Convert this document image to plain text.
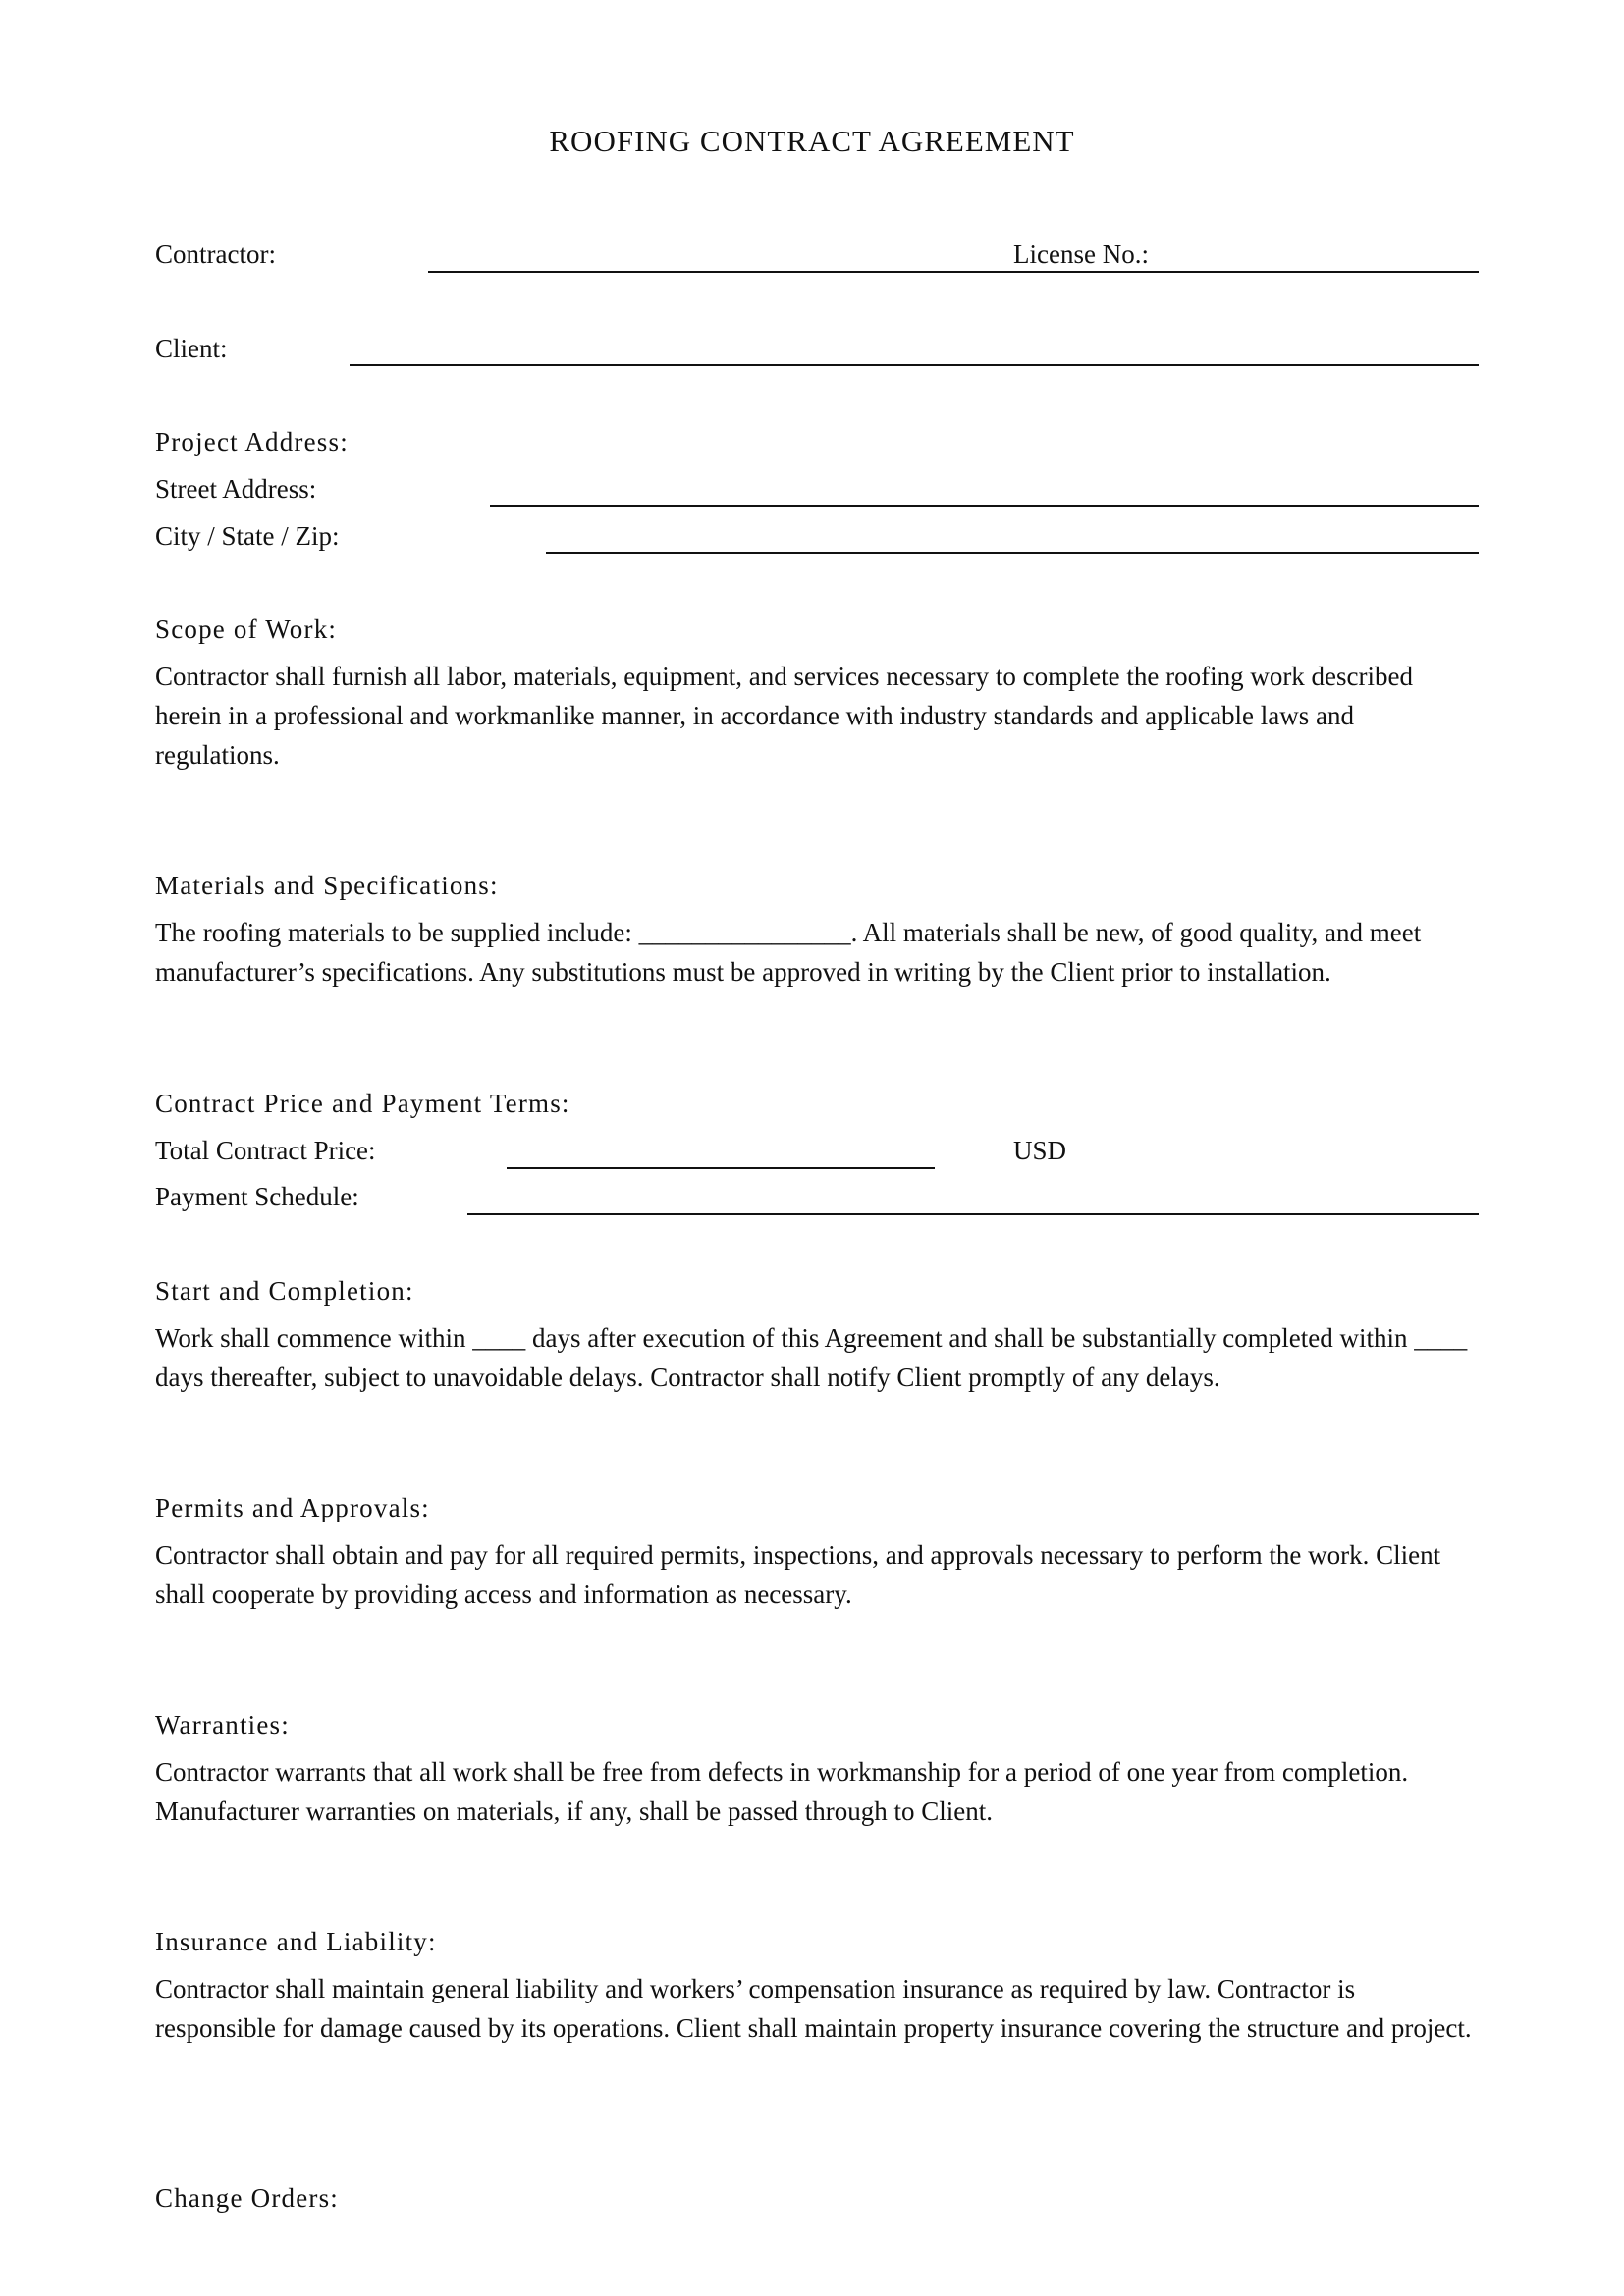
ROOFING CONTRACT AGREEMENT
Contractor:	License No.:
Client:
Project Address:
Street Address:
City / State / Zip:
Scope of Work:
Contractor shall furnish all labor, materials, equipment, and services necessary to complete the roofing work described herein in a professional and workmanlike manner, in accordance with industry standards and applicable laws and regulations.
Materials and Specifications:
The roofing materials to be supplied include: ________________. All materials shall be new, of good quality, and meet manufacturer’s specifications. Any substitutions must be approved in writing by the Client prior to installation.
Contract Price and Payment Terms:
Total Contract Price:	USD
Payment Schedule:
Start and Completion:
Work shall commence within ____ days after execution of this Agreement and shall be substantially completed within ____ days thereafter, subject to unavoidable delays. Contractor shall notify Client promptly of any delays.
Permits and Approvals:
Contractor shall obtain and pay for all required permits, inspections, and approvals necessary to perform the work. Client shall cooperate by providing access and information as necessary.
Warranties:
Contractor warrants that all work shall be free from defects in workmanship for a period of one year from completion. Manufacturer warranties on materials, if any, shall be passed through to Client.
Insurance and Liability:
Contractor shall maintain general liability and workers’ compensation insurance as required by law. Contractor is responsible for damage caused by its operations. Client shall maintain property insurance covering the structure and project.
Change Orders:
